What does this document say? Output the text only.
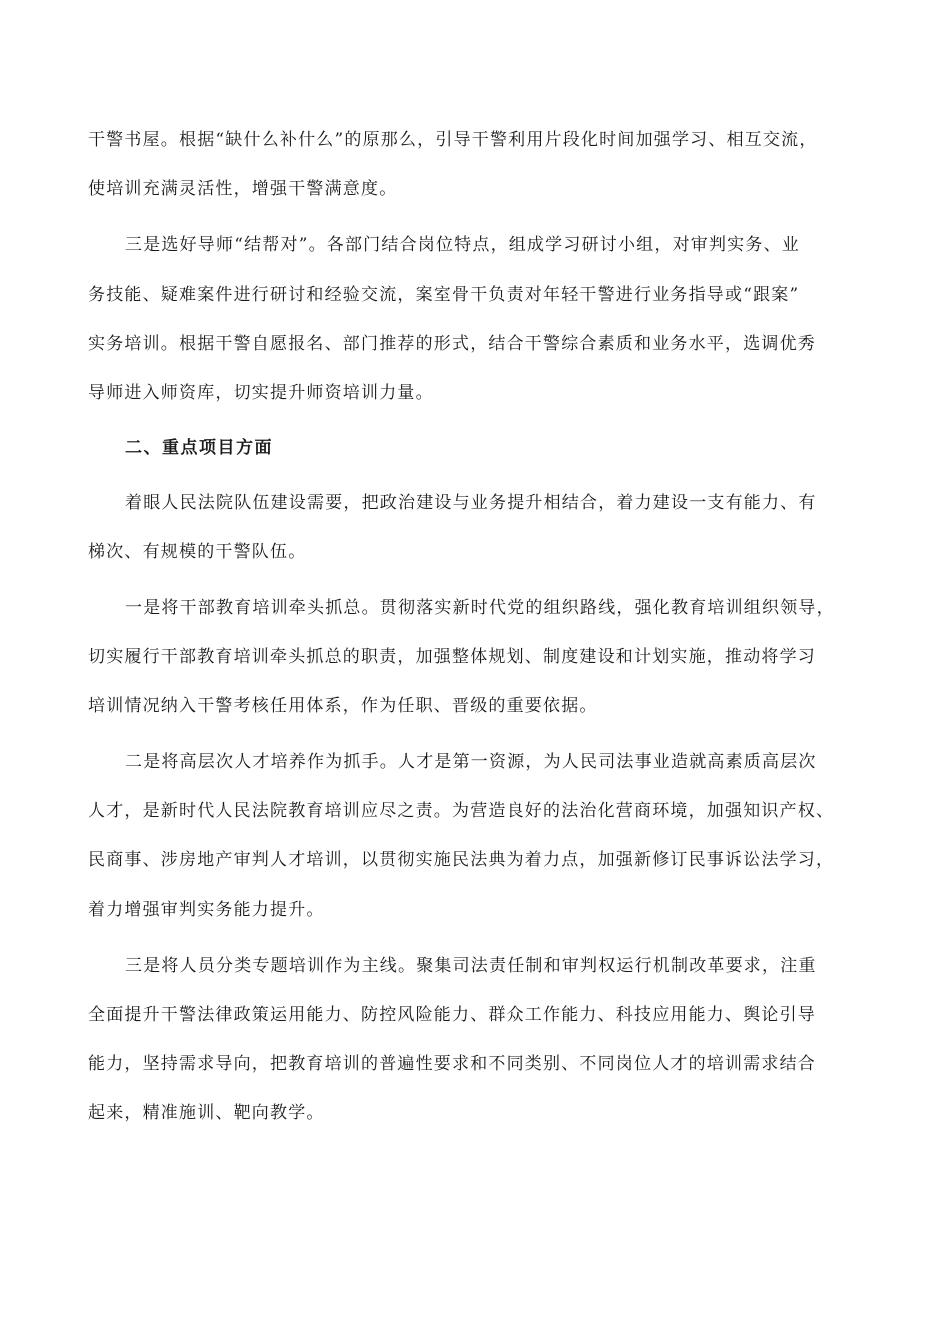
干警书屋。根据“缺什么补什么”的原那么，引导干警利用片段化时间加强学习、相互交流，
使培训充满灵活性，增强干警满意度。
三是选好导师“结帮对”。各部门结合岗位特点，组成学习研讨小组，对审判实务、业
务技能、疑难案件进行研讨和经验交流，案室骨干负责对年轻干警进行业务指导或“跟案”
实务培训。根据干警自愿报名、部门推荐的形式，结合干警综合素质和业务水平，选调优秀
导师进入师资库，切实提升师资培训力量。
二、重点项目方面
着眼人民法院队伍建设需要，把政治建设与业务提升相结合，着力建设一支有能力、有
梯次、有规模的干警队伍。
一是将干部教育培训牵头抓总。贯彻落实新时代党的组织路线，强化教育培训组织领导，
切实履行干部教育培训牵头抓总的职责，加强整体规划、制度建设和计划实施，推动将学习
培训情况纳入干警考核任用体系，作为任职、晋级的重要依据。
二是将高层次人才培养作为抓手。人才是第一资源，为人民司法事业造就高素质高层次
人才，是新时代人民法院教育培训应尽之责。为营造良好的法治化营商环境，加强知识产权、
民商事、涉房地产审判人才培训，以贯彻实施民法典为着力点，加强新修订民事诉讼法学习，
着力增强审判实务能力提升。
三是将人员分类专题培训作为主线。聚集司法责任制和审判权运行机制改革要求，注重
全面提升干警法律政策运用能力、防控风险能力、群众工作能力、科技应用能力、舆论引导
能力，坚持需求导向，把教育培训的普遍性要求和不同类别、不同岗位人才的培训需求结合
起来，精准施训、靶向教学。
